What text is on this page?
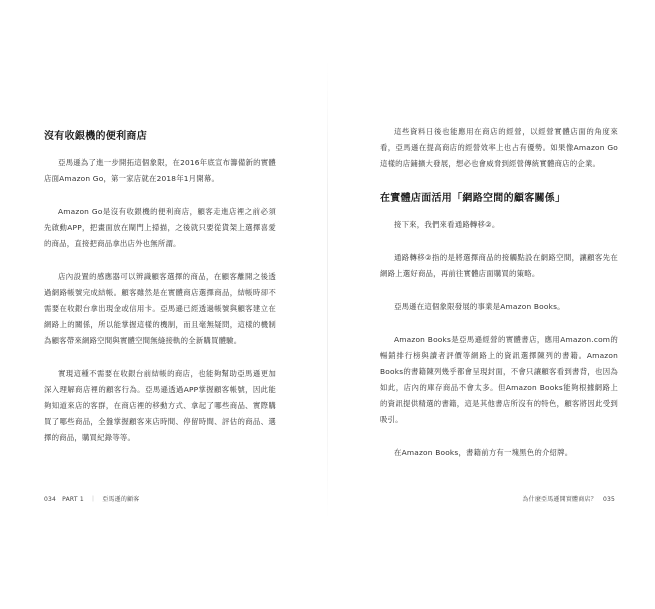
沒有收銀機的便利商店

亞馬遜為了進一步開拓這個象限，在2016年底宣布籌備新的實體店面Amazon Go，第一家店就在2018年1月開幕。

Amazon Go是沒有收銀機的便利商店，顧客走進店裡之前必須先啟動APP，把畫面放在閘門上掃描，之後就只要從貨架上選擇喜愛的商品，直接把商品拿出店外也無所謂。

店內設置的感應器可以辨識顧客選擇的商品，在顧客離開之後透過網路帳號完成結帳。顧客雖然是在實體商店選擇商品，結帳時卻不需要在收銀台拿出現金或信用卡。亞馬遜已經透過帳號與顧客建立在網路上的關係，所以能掌握這樣的機制，而且毫無疑問，這樣的機制為顧客帶來網路空間與實體空間無縫接軌的全新購買體驗。

實現這種不需要在收銀台前結帳的商店，也能夠幫助亞馬遜更加深入理解商店裡的顧客行為。亞馬遜透過APP掌握顧客帳號，因此能夠知道來店的客群，在商店裡的移動方式、拿起了哪些商品、實際購買了哪些商品，全盤掌握顧客來店時間、停留時間、評估的商品、選擇的商品，購買紀錄等等。

034 PART 1 ｜ 亞馬遜的顧客

這些資料日後也能應用在商店的經營，以經營實體店面的角度來看，亞馬遜在提高商店的經營效率上也占有優勢。如果像Amazon Go這樣的店鋪擴大發展，想必也會威脅到經營傳統實體商店的企業。

在實體店面活用「網路空間的顧客關係」

接下來，我們來看通路轉移②。

通路轉移②指的是將選擇商品的接觸點設在網路空間，讓顧客先在網路上選好商品，再前往實體店面購買的策略。

亞馬遜在這個象限發展的事業是Amazon Books。

Amazon Books是亞馬遜經營的實體書店，應用Amazon.com的暢銷排行榜與讀者評價等網路上的資訊選擇陳列的書籍。Amazon Books的書籍陳列幾乎都會呈現封面，不會只讓顧客看到書背，也因為如此，店內的庫存商品不會太多。但Amazon Books能夠根據網路上的資訊提供精選的書籍，這是其他書店所沒有的特色，顧客將因此受到吸引。

在Amazon Books，書籍前方有一塊黑色的介紹牌。

為什麼亞馬遜開實體商店？ 035
